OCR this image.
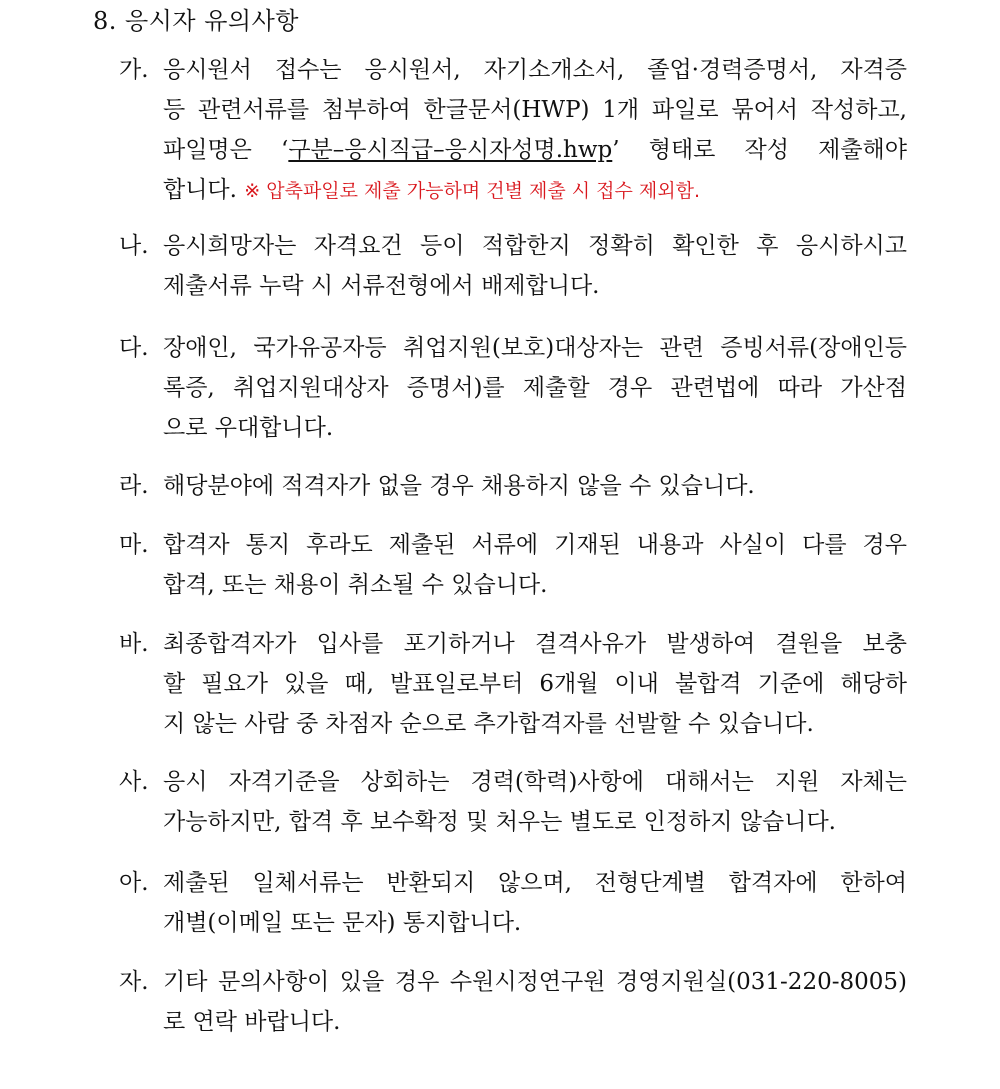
8. 응시자 유의사항
가. 응시원서 접수는 응시원서, 자기소개소서, 졸업·경력증명서, 자격증
등 관련서류를 첨부하여 한글문서(HWP) 1개 파일로 묶어서 작성하고,
파일명은 ‘구분–응시직급–응시자성명.hwp’ 형태로 작성 제출해야
합니다. ※ 압축파일로 제출 가능하며 건별 제출 시 접수 제외함.
나. 응시희망자는 자격요건 등이 적합한지 정확히 확인한 후 응시하시고
제출서류 누락 시 서류전형에서 배제합니다.
다. 장애인, 국가유공자등 취업지원(보호)대상자는 관련 증빙서류(장애인등
록증, 취업지원대상자 증명서)를 제출할 경우 관련법에 따라 가산점
으로 우대합니다.
라. 해당분야에 적격자가 없을 경우 채용하지 않을 수 있습니다.
마. 합격자 통지 후라도 제출된 서류에 기재된 내용과 사실이 다를 경우
합격, 또는 채용이 취소될 수 있습니다.
바. 최종합격자가 입사를 포기하거나 결격사유가 발생하여 결원을 보충
할 필요가 있을 때, 발표일로부터 6개월 이내 불합격 기준에 해당하
지 않는 사람 중 차점자 순으로 추가합격자를 선발할 수 있습니다.
사. 응시 자격기준을 상회하는 경력(학력)사항에 대해서는 지원 자체는
가능하지만, 합격 후 보수확정 및 처우는 별도로 인정하지 않습니다.
아. 제출된 일체서류는 반환되지 않으며, 전형단계별 합격자에 한하여
개별(이메일 또는 문자) 통지합니다.
자. 기타 문의사항이 있을 경우 수원시정연구원 경영지원실(031-220-8005)
로 연락 바랍니다.
